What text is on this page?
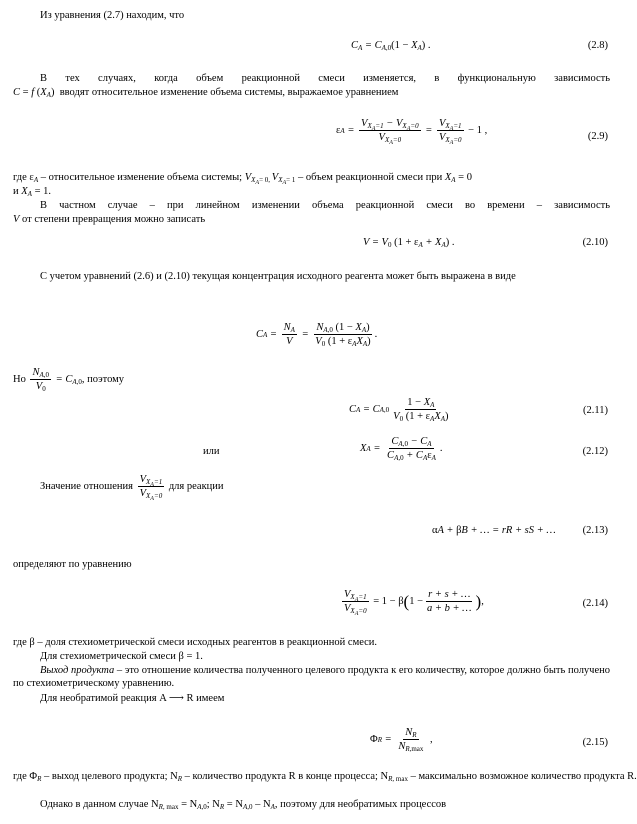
Из уравнения (2.7) находим, что
$C_A = C_{A,0}(1 - X_A)$ .	(2.8)
В тех случаях, когда объем реакционной смеси изменяется, в функциональную зависимость
C = f $(X_A)$  вводят относительное изменение объема системы, выражаемое уравнением
ε $A = \frac{V_{X_A=1} - V_{X_A=0}}{V_{X_A=0}} = \frac{V_{X_A=1}}{V_{X_A=0}} - 1$ ,
(2.9)
где $\varepsilon_A$ – относительное изменение объема системы; $V_{X_A= 0,}$ $V_{X_A= 1}$ – объем реакционной смеси при $X_A = 0$
и $X_A = 1$.
В частном случае – при линейном изменении объема реакционной смеси во времени – зависимость
V от степени превращения можно записать
$V = V_0$ $(1 + \varepsilon_A + X_A)$ .	(2.10)
С учетом уравнений (2.6) и (2.10) текущая концентрация исходного реагента может быть выражена в виде
C $A = \frac{N_A}{V} = \frac{N_{A,0} (1 - X_A)}{V_0 (1 + \varepsilon_AX_A)}$ .
Но
$\frac{N_{A,0}}{V_0} = C_{A,0}$ , поэтому
C A = C A, $0 \frac{1 - X_A}{V_0 (1 + \varepsilon_AX_A)}$	(2.11)
или	X $A = \frac{C_{A,0} - C_A}{C_{A,0} + C_A\varepsilon_A}$ .	(2.12)
Значение отношения
$\frac{V_{X_A=1}}{V_{X_A=0}}$
для реакции
αA + βB + … = rR + sS + …	(2.13)
определяют по уравнению
$\frac{V_{X_A=1}}{V_{X_A=0}} = 1 - \beta$ ( $1 - \frac{r + s + \dots}{a + b + \dots}$ ) ,	(2.14)
где β – доля стехиометрической смеси исходных реагентов в реакционной смеси.
Для стехиометрической смеси β = 1.
Выход продукта – это отношение количества полученного целевого продукта к его количеству, которое должно быть получено по стехиометрическому уравнению.
Для необратимой реакция A ⟶ R имеем
Φ $R = \frac{N_R}{N_{R,max}}$ ,	(2.15)
где $\Phi_R$ – выход целевого продукта; $N_R$ – количество продукта R в конце процесса; $N_{R, max}$ – максимально возможное количество продукта R.
Однако в данном случае $N_{R, max} = N_{A,0}$; $N_R = N_{A,0} - N_A$, поэтому для необратимых процессов
